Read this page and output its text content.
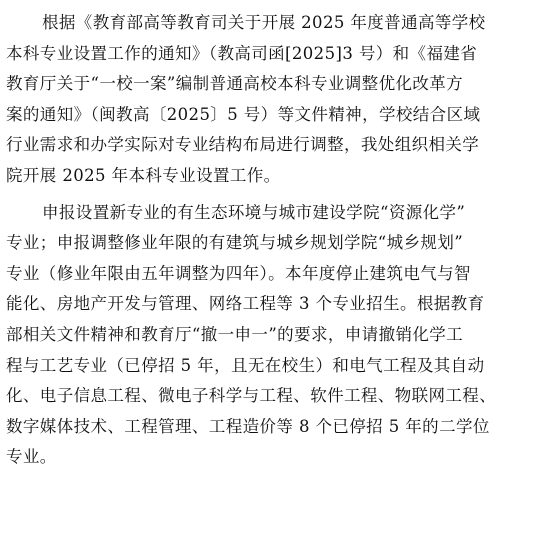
根据《教育部高等教育司关于开展 2025 年度普通高等学校
本科专业设置工作的通知》（教高司函[2025]3 号）和《福建省
教育厅关于“一校一案”编制普通高校本科专业调整优化改革方
案的通知》（闽教高〔2025〕5 号）等文件精神，学校结合区域
行业需求和办学实际对专业结构布局进行调整，我处组织相关学
院开展 2025 年本科专业设置工作。
申报设置新专业的有生态环境与城市建设学院“资源化学”
专业；申报调整修业年限的有建筑与城乡规划学院“城乡规划”
专业（修业年限由五年调整为四年）。本年度停止建筑电气与智
能化、房地产开发与管理、网络工程等 3 个专业招生。根据教育
部相关文件精神和教育厅“撤一申一”的要求，申请撤销化学工
程与工艺专业（已停招 5 年，且无在校生）和电气工程及其自动
化、电子信息工程、微电子科学与工程、软件工程、物联网工程、
数字媒体技术、工程管理、工程造价等 8 个已停招 5 年的二学位
专业。
